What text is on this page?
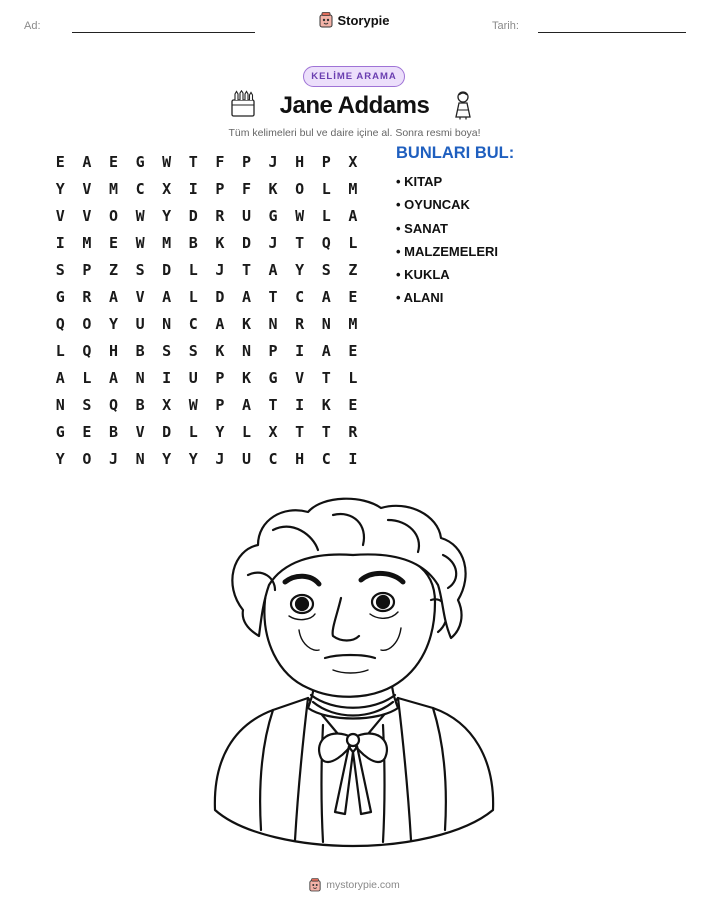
Ad:	Storypie	Tarih:
KELİME ARAMA
Jane Addams
Tüm kelimeleri bul ve daire içine al. Sonra resmi boya!
E	A	E	G	W	T	F	P	J	H	P	X
Y	V	M	C	X	I	P	F	K	O	L	M
V	V	O	W	Y	D	R	U	G	W	L	A
I	M	E	W	M	B	K	D	J	T	Q	L
S	P	Z	S	D	L	J	T	A	Y	S	Z
G	R	A	V	A	L	D	A	T	C	A	E
Q	O	Y	U	N	C	A	K	N	R	N	M
L	Q	H	B	S	S	K	N	P	I	A	E
A	L	A	N	I	U	P	K	G	V	T	L
N	S	Q	B	X	W	P	A	T	I	K	E
G	E	B	V	D	L	Y	L	X	T	T	R
Y	O	J	N	Y	Y	J	U	C	H	C	I
BUNLARI BUL:
• KITAP
• OYUNCAK
• SANAT
• MALZEMELERI
• KUKLA
• ALANI
mystorypie.com
